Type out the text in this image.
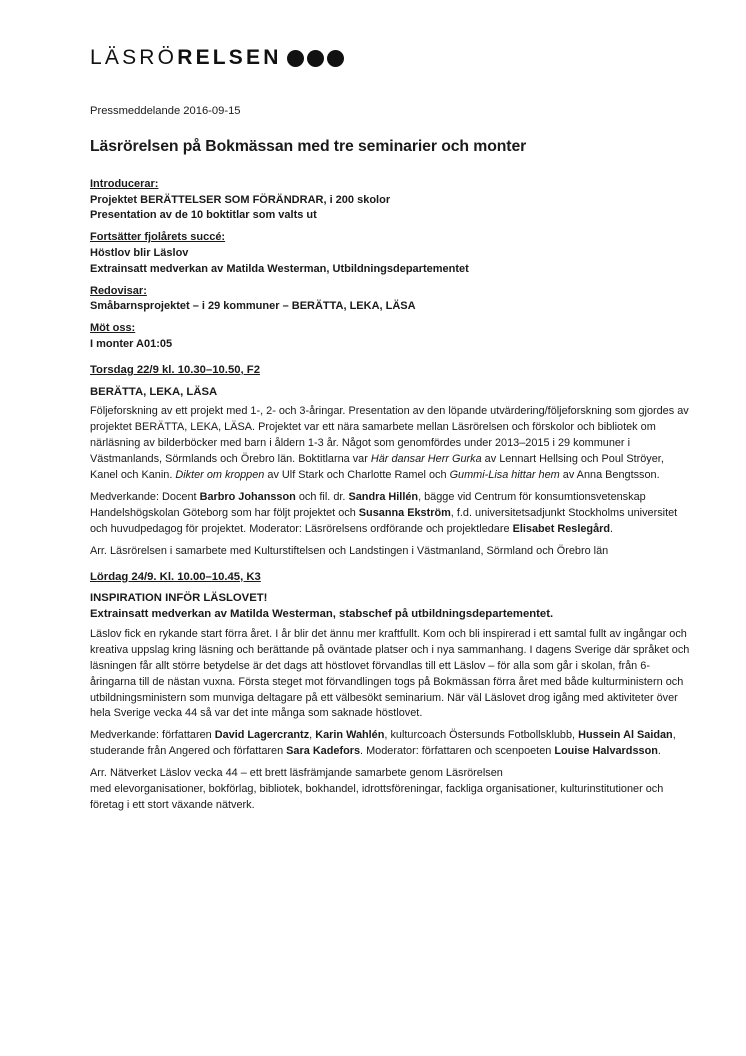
LÄSRÖ RELSEN
Pressmeddelande 2016-09-15
Läsrörelsen på Bokmässan med tre seminarier och monter
Introducerar:
Projektet BERÄTTELSER SOM FÖRÄNDRAR, i 200 skolor
Presentation av de 10 boktitlar som valts ut
Fortsätter fjolårets succé:
Höstlov blir Läslov
Extrainsatt medverkan av Matilda Westerman, Utbildningsdepartementet
Redovisar:
Småbarnsprojektet – i 29 kommuner – BERÄTTA, LEKA, LÄSA
Möt oss:
I monter A01:05
Torsdag 22/9 kl. 10.30–10.50, F2
BERÄTTA, LEKA, LÄSA

Följeforskning av ett projekt med 1-, 2- och 3-åringar. Presentation av den löpande utvärdering/följeforskning som gjordes av projektet BERÄTTA, LEKA, LÄSA. Projektet var ett nära samarbete mellan Läsrörelsen och förskolor och bibliotek om närläsning av bilderböcker med barn i åldern 1-3 år. Något som genomfördes under 2013–2015 i 29 kommuner i Västmanlands, Sörmlands och Örebro län. Boktitlarna var Här dansar Herr Gurka av Lennart Hellsing och Poul Ströyer, Kanel och Kanin. Dikter om kroppen av Ulf Stark och Charlotte Ramel och Gummi-Lisa hittar hem av Anna Bengtsson.

Medverkande: Docent Barbro Johansson och fil. dr. Sandra Hillén, bägge vid Centrum för konsumtionsvetenskap Handelshögskolan Göteborg som har följt projektet och Susanna Ekström, f.d. universitetsadjunkt Stockholms universitet och huvudpedagog för projektet. Moderator: Läsrörelsens ordförande och projektledare Elisabet Reslegård.

Arr. Läsrörelsen i samarbete med Kulturstiftelsen och Landstingen i Västmanland, Sörmland och Örebro län

Lördag 24/9. Kl. 10.00–10.45, K3
INSPIRATION INFÖR LÄSLOVET!
Extrainsatt medverkan av Matilda Westerman, stabschef på utbildningsdepartementet.

Läslov fick en rykande start förra året. I år blir det ännu mer kraftfullt. Kom och bli inspirerad i ett samtal fullt av ingångar och kreativa uppslag kring läsning och berättande på oväntade platser och i nya sammanhang. I dagens Sverige där språket och läsningen får allt större betydelse är det dags att höstlovet förvandlas till ett Läslov – för alla som går i skolan, från 6-åringarna till de nästan vuxna. Första steget mot förvandlingen togs på Bokmässan förra året med både kulturministern och utbildningsministern som munviga deltagare på ett välbesökt seminarium. När väl Läslovet drog igång med aktiviteter över hela Sverige vecka 44 så var det inte många som saknade höstlovet.

Medverkande: författaren David Lagercrantz, Karin Wahlén, kulturcoach Östersunds Fotbollsklubb, Hussein Al Saidan, studerande från Angered och författaren Sara Kadefors. Moderator: författaren och scenpoeten Louise Halvardsson.

Arr. Nätverket Läslov vecka 44 – ett brett läsfrämjande samarbete genom Läsrörelsen
med elevorganisationer, bokförlag, bibliotek, bokhandel, idrottsföreningar, fackliga organisationer, kulturinstitutioner och företag i ett stort växande nätverk.
